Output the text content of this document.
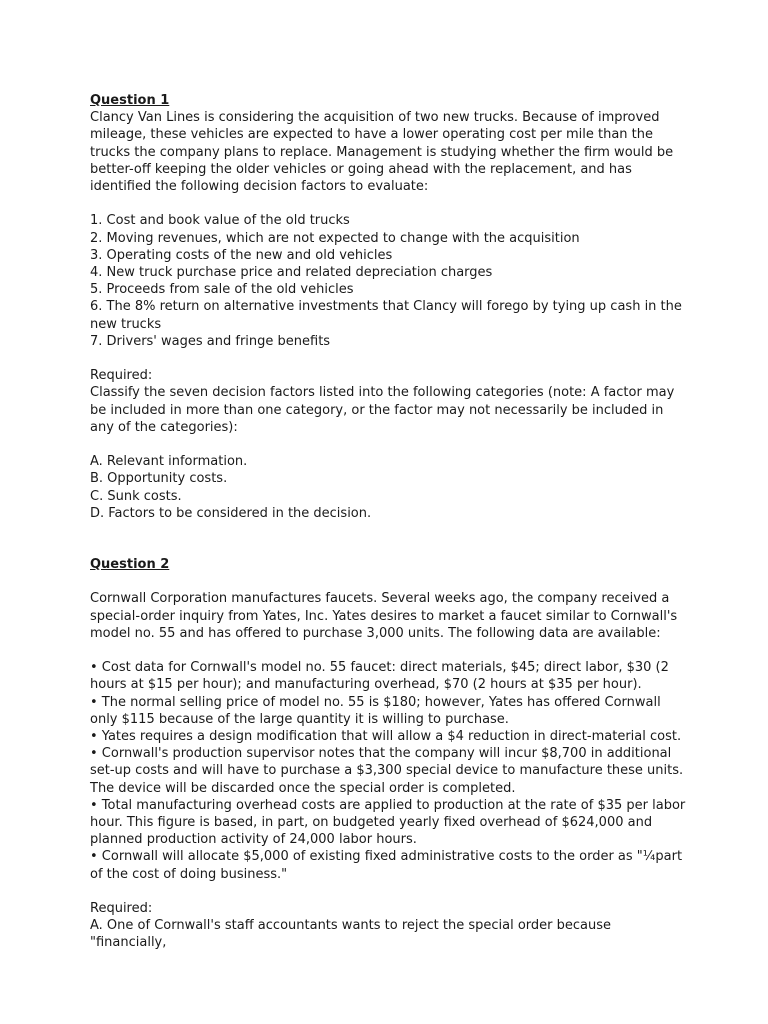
Question 1

Clancy Van Lines is considering the acquisition of two new trucks. Because of improved mileage, these vehicles are expected to have a lower operating cost per mile than the trucks the company plans to replace. Management is studying whether the firm would be better-off keeping the older vehicles or going ahead with the replacement, and has identified the following decision factors to evaluate:

1. Cost and book value of the old trucks
2. Moving revenues, which are not expected to change with the acquisition
3. Operating costs of the new and old vehicles
4. New truck purchase price and related depreciation charges
5. Proceeds from sale of the old vehicles
6. The 8% return on alternative investments that Clancy will forego by tying up cash in the new trucks
7. Drivers' wages and fringe benefits

Required:

Classify the seven decision factors listed into the following categories (note: A factor may be included in more than one category, or the factor may not necessarily be included in any of the categories):

A. Relevant information.
B. Opportunity costs.
C. Sunk costs.
D. Factors to be considered in the decision.

Question 2

Cornwall Corporation manufactures faucets. Several weeks ago, the company received a special-order inquiry from Yates, Inc. Yates desires to market a faucet similar to Cornwall's model no. 55 and has offered to purchase 3,000 units. The following data are available:

• Cost data for Cornwall's model no. 55 faucet: direct materials, $45; direct labor, $30 (2 hours at $15 per hour); and manufacturing overhead, $70 (2 hours at $35 per hour).
• The normal selling price of model no. 55 is $180; however, Yates has offered Cornwall only $115 because of the large quantity it is willing to purchase.
• Yates requires a design modification that will allow a $4 reduction in direct-material cost.
• Cornwall's production supervisor notes that the company will incur $8,700 in additional set-up costs and will have to purchase a $3,300 special device to manufacture these units. The device will be discarded once the special order is completed.
• Total manufacturing overhead costs are applied to production at the rate of $35 per labor hour. This figure is based, in part, on budgeted yearly fixed overhead of $624,000 and planned production activity of 24,000 labor hours.
• Cornwall will allocate $5,000 of existing fixed administrative costs to the order as "¼part of the cost of doing business."

Required:

A. One of Cornwall's staff accountants wants to reject the special order because "financially,
